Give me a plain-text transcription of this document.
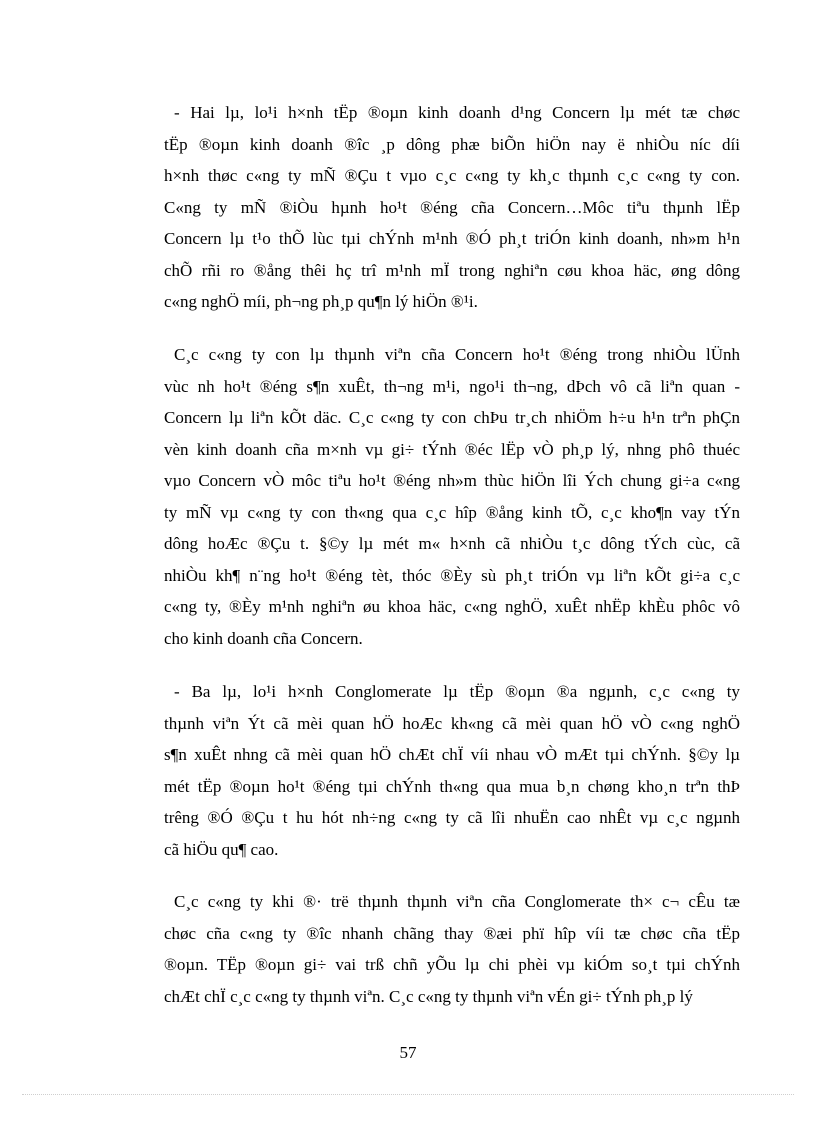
- Hai lµ, lo¹i h×nh tËp ®oµn kinh doanh d¹ng Concern lµ mét tæ chøc
tËp ®oµn kinh doanh ®îc ¸p dông phæ biÕn hiÖn nay ë nhiÒu níc díi
h×nh thøc c«ng ty mÑ ®Çu t vµo c¸c c«ng ty kh¸c thµnh c¸c c«ng ty con.
C«ng ty mÑ ®iÒu hµnh ho¹t ®éng cña Concern…Môc tiªu thµnh lËp
Concern lµ t¹o thÕ lùc tµi chÝnh m¹nh ®Ó ph¸t triÓn kinh doanh, nh»m h¹n
chÕ rñi ro ®ång thêi hç trî m¹nh mÏ trong nghiªn cøu khoa häc, øng dông
c«ng nghÖ míi, ph¬ng ph¸p qu¶n lý hiÖn ®¹i.
C¸c c«ng ty con lµ thµnh viªn cña Concern ho¹t ®éng trong nhiÒu lÜnh
vùc nh ho¹t ®éng s¶n xuÊt, th¬ng m¹i, ngo¹i th¬ng, dÞch vô cã liªn quan -
Concern lµ liªn kÕt däc. C¸c c«ng ty con chÞu tr¸ch nhiÖm h÷u h¹n trªn phÇn
vèn kinh doanh cña m×nh vµ gi÷ tÝnh ®éc lËp vÒ ph¸p lý, nhng phô thuéc
vµo Concern vÒ môc tiªu ho¹t ®éng nh»m thùc hiÖn lîi Ých chung gi÷a c«ng
ty mÑ vµ c«ng ty con th«ng qua c¸c hîp ®ång kinh tÕ, c¸c kho¶n vay tÝn
dông hoÆc ®Çu t. §©y lµ mét m« h×nh cã nhiÒu t¸c dông tÝch cùc, cã
nhiÒu kh¶ n¨ng ho¹t ®éng tèt, thóc ®Èy sù ph¸t triÓn vµ liªn kÕt gi÷a c¸c
c«ng ty, ®Èy m¹nh nghiªn øu khoa häc, c«ng nghÖ, xuÊt nhËp khÈu phôc vô
cho kinh doanh cña Concern.
- Ba lµ, lo¹i h×nh Conglomerate lµ tËp ®oµn ®a ngµnh, c¸c c«ng ty
thµnh viªn Ýt cã mèi quan hÖ hoÆc kh«ng cã mèi quan hÖ vÒ c«ng nghÖ
s¶n xuÊt nhng cã mèi quan hÖ chÆt chÏ víi nhau vÒ mÆt tµi chÝnh. §©y lµ
mét tËp ®oµn ho¹t ®éng tµi chÝnh th«ng qua mua b¸n chøng kho¸n trªn thÞ
trêng ®Ó ®Çu t hu hót nh÷ng c«ng ty cã lîi nhuËn cao nhÊt vµ c¸c ngµnh
cã hiÖu qu¶ cao.
C¸c c«ng ty khi ®· trë thµnh thµnh viªn cña Conglomerate th× c¬ cÊu tæ
chøc cña c«ng ty ®îc nhanh chãng thay ®æi phï hîp víi tæ chøc cña tËp
®oµn. TËp ®oµn gi÷ vai trß chñ yÕu lµ chi phèi vµ kiÓm so¸t tµi chÝnh
chÆt chÏ c¸c c«ng ty thµnh viªn. C¸c c«ng ty thµnh viªn vÉn gi÷ tÝnh ph¸p lý
57
